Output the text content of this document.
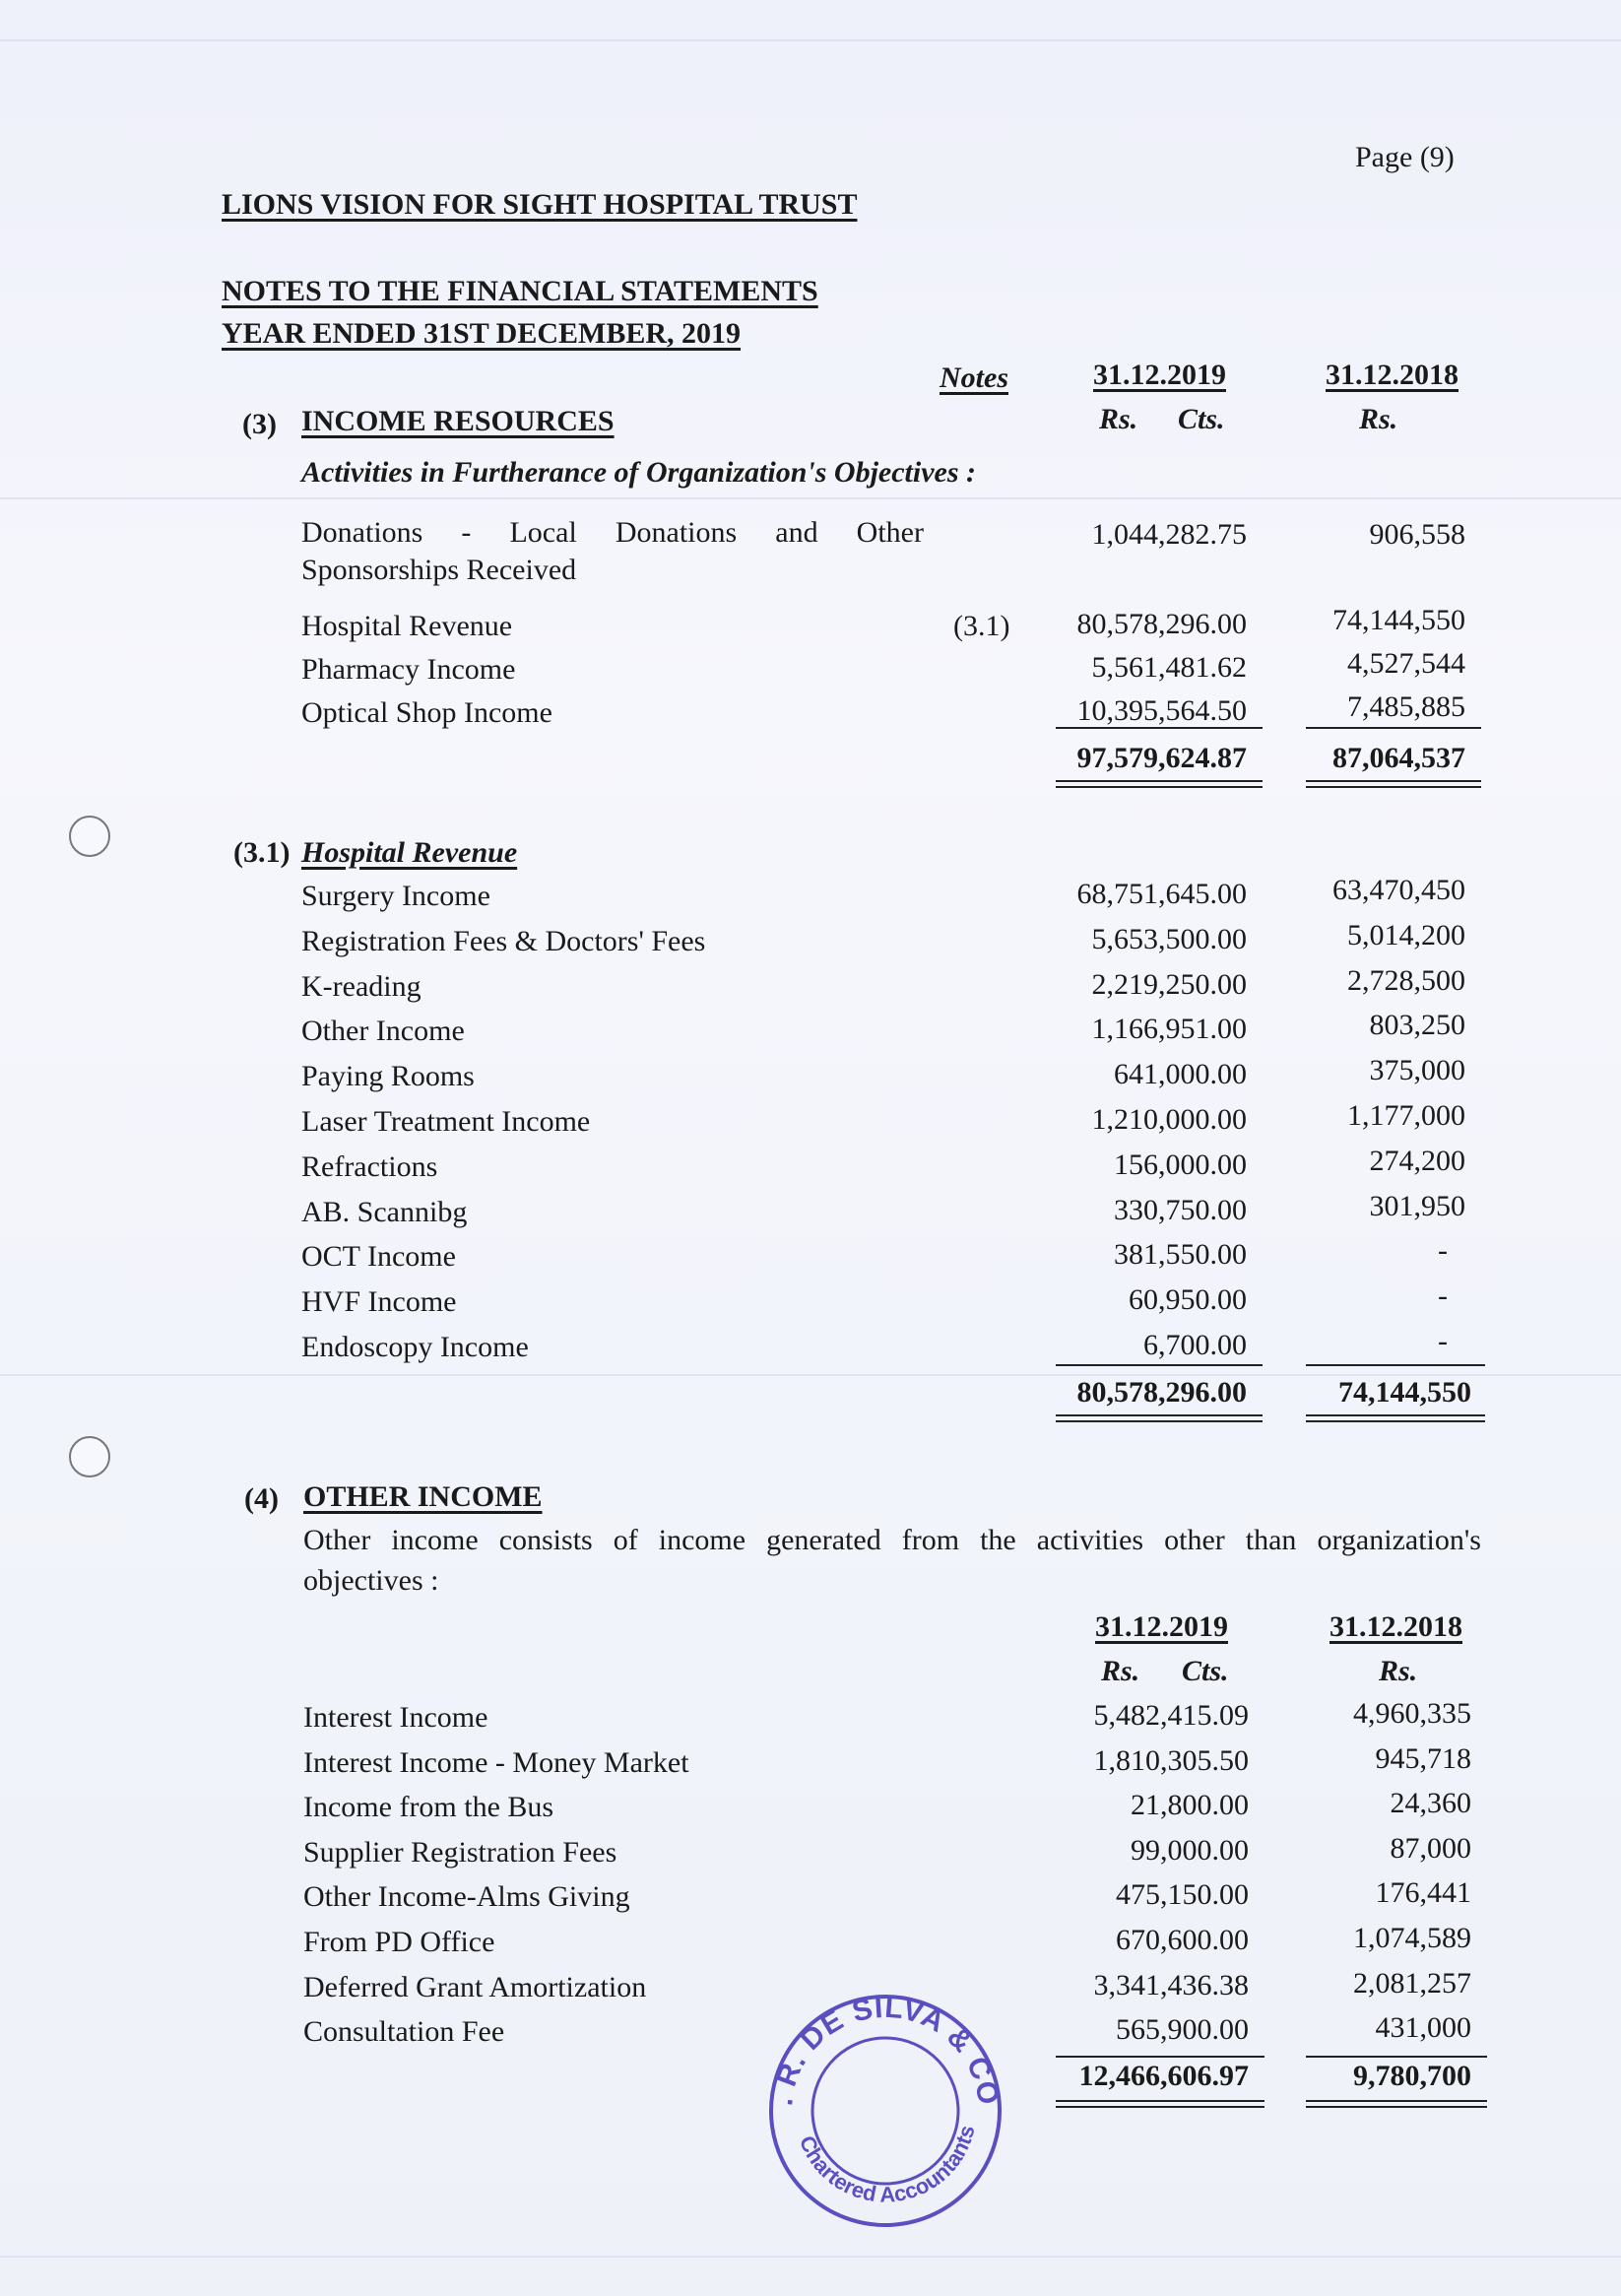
Page (9)
LIONS VISION FOR SIGHT HOSPITAL TRUST
NOTES TO THE FINANCIAL STATEMENTS
YEAR ENDED 31ST DECEMBER, 2019
Notes	31.12.2019	31.12.2018
Rs. Cts.	Rs.
(3) INCOME RESOURCES
Activities in Furtherance of Organization's Objectives :
Donations - Local Donations and Other
Sponsorships Received
1,044,282.75	906,558
Hospital Revenue	(3.1)	80,578,296.00	74,144,550
Pharmacy Income	5,561,481.62	4,527,544
Optical Shop Income	10,395,564.50	7,485,885
97,579,624.87	87,064,537
(3.1) Hospital Revenue
Surgery Income	68,751,645.00	63,470,450
Registration Fees & Doctors' Fees	5,653,500.00	5,014,200
K-reading	2,219,250.00	2,728,500
Other Income	1,166,951.00	803,250
Paying Rooms	641,000.00	375,000
Laser Treatment Income	1,210,000.00	1,177,000
Refractions	156,000.00	274,200
AB. Scannibg	330,750.00	301,950
OCT Income	381,550.00	-
HVF Income	60,950.00	-
Endoscopy Income	6,700.00	-
80,578,296.00	74,144,550
(4) OTHER INCOME
Other income consists of income generated from the activities other than organization's
objectives :
31.12.2019	31.12.2018
Rs. Cts.	Rs.
Interest Income	5,482,415.09	4,960,335
Interest Income - Money Market	1,810,305.50	945,718
Income from the Bus	21,800.00	24,360
Supplier Registration Fees	99,000.00	87,000
Other Income-Alms Giving	475,150.00	176,441
From PD Office	670,600.00	1,074,589
Deferred Grant Amortization	3,341,436.38	2,081,257
Consultation Fee	565,900.00	431,000
12,466,606.97	9,780,700
B. R. DE SILVA & CO.
Chartered Accountants
